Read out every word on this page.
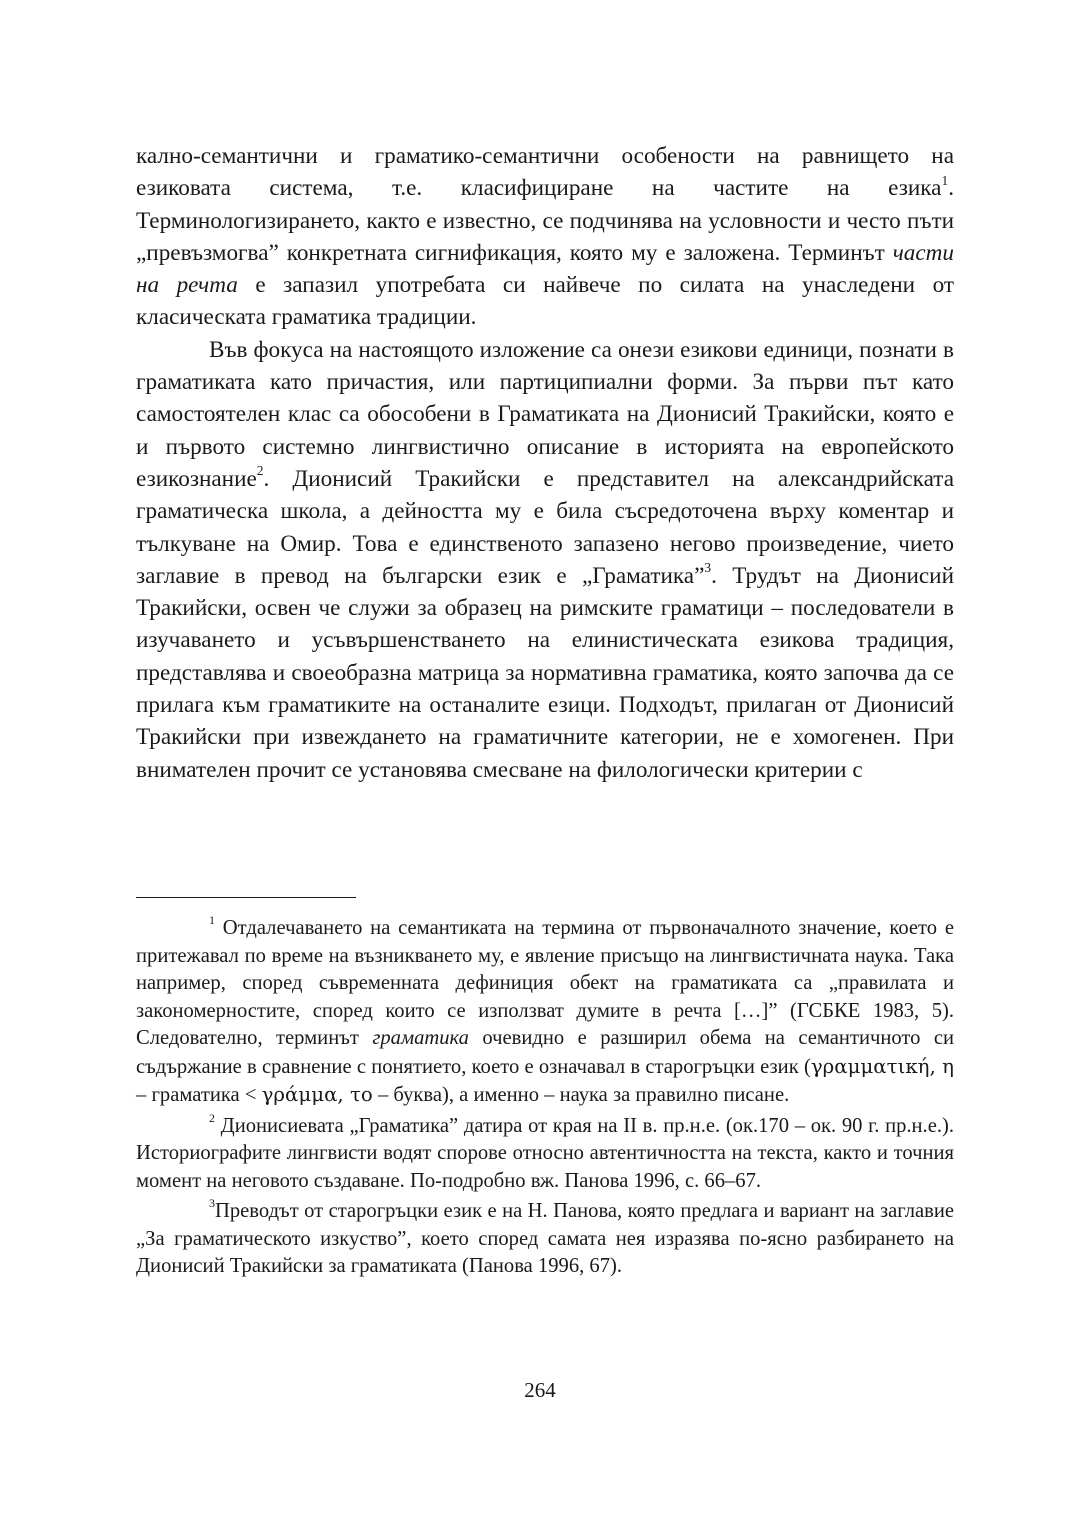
кално-семантични и граматико-семантични особености на равнището на езиковата система, т.е. класифициране на частите на езика$^1$. Терминологизирането, както е известно, се подчинява на условности и често пъти „превъзмогва” конкретната сигнификация, която му е заложена. Терминът части на речта е запазил употребата си найвече по силата на унаследени от класическата граматика традиции.

Във фокуса на настоящото изложение са онези езикови единици, познати в граматиката като причастия, или партиципиални форми. За първи път като самостоятелен клас са обособени в Граматиката на Дионисий Тракийски, която е и първото системно лингвистично описание в историята на европейското езикознание$^2$. Дионисий Тракийски е представител на александрийската граматическа школа, а дейността му е била съсредоточена върху коментар и тълкуване на Омир. Това е единственото запазено негово произведение, чието заглавие в превод на български език е „Граматика”$^3$. Трудът на Дионисий Тракийски, освен че служи за образец на римските граматици – последователи в изучаването и усъвършенстването на елинистическата езикова традиция, представлява и своеобразна матрица за нормативна граматика, която започва да се прилага към граматиките на останалите езици. Подходът, прилаган от Дионисий Тракийски при извеждането на граматичните категории, не е хомогенен. При внимателен прочит се установява смесване на филологически критерии с

$^1$ Отдалечаването на семантиката на термина от първоначалното значение, което е притежавал по време на възникването му, е явление присъщо на лингвистичната наука. Така например, според съвременната дефиниция обект на граматиката са „правилата и закономерностите, според които се използват думите в речта […]” (ГСБКЕ 1983, 5). Следователно, терминът граматика очевидно е разширил обема на семантичното си съдържание в сравнение с понятието, което е означавал в старогръцки език (γραμματική, η – граматика < γράμμα, το – буква), а именно – наука за правилно писане.

$^2$ Дионисиевата „Граматика” датира от края на II в. пр.н.е. (ок.170 – ок. 90 г. пр.н.е.). Историографите лингвисти водят спорове относно автентичността на текста, както и точния момент на неговото създаване. По-подробно вж. Панова 1996, с. 66–67.

$^3$Преводът от старогръцки език е на Н. Панова, която предлага и вариант на заглавие „За граматическото изкуство”, което според самата нея изразява по-ясно разбирането на Дионисий Тракийски за граматиката (Панова 1996, 67).

264
